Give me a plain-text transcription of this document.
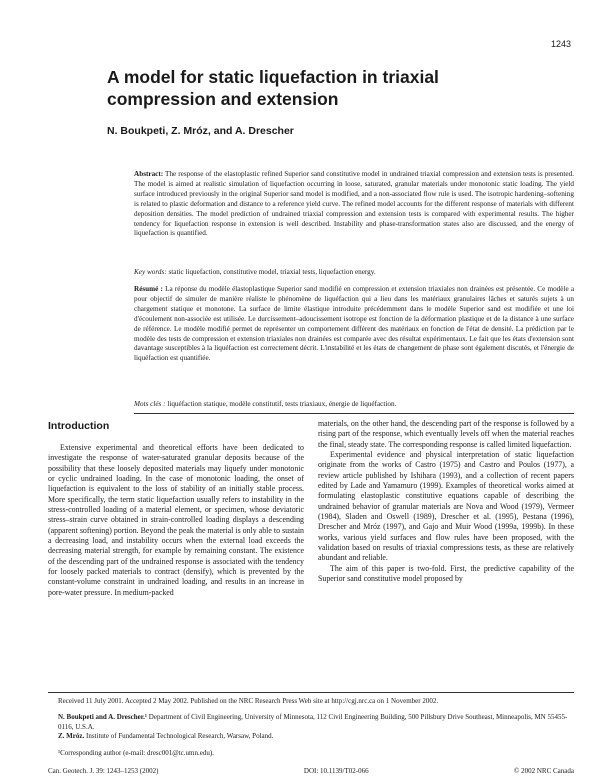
1243
A model for static liquefaction in triaxial compression and extension
N. Boukpeti, Z. Mróz, and A. Drescher

Abstract: The response of the elastoplastic refined Superior sand constitutive model in undrained triaxial compression and extension tests is presented. The model is aimed at realistic simulation of liquefaction occurring in loose, saturated, granular materials under monotonic static loading. The yield surface introduced previously in the original Superior sand model is modified, and a non-associated flow rule is used. The isotropic hardening–softening is related to plastic deformation and distance to a reference yield curve. The refined model accounts for the different response of materials with different deposition densities. The model prediction of undrained triaxial compression and extension tests is compared with experimental results. The higher tendency for liquefaction response in extension is well described. Instability and phase-transformation states also are discussed, and the energy of liquefaction is quantified.

Key words: static liquefaction, constitutive model, triaxial tests, liquefaction energy.

Résumé : La réponse du modèle élastoplastique Superior sand modifié en compression et extension triaxiales non drainées est présentée. Ce modèle a pour objectif de simuler de manière réaliste le phénomène de liquéfaction qui a lieu dans les matériaux granulaires lâches et saturés sujets à un chargement statique et monotone. La surface de limite élastique introduite précédemment dans le modèle Superior sand est modifiée et une loi d'écoulement non-associée est utilisée. Le durcissement–adoucissement isotrope est fonction de la déformation plastique et de la distance à une surface de référence. Le modèle modifié permet de représenter un comportement différent des matériaux en fonction de l'état de densité. La prédiction par le modèle des tests de compression et extension triaxiales non drainées est comparée avec des résultat expérimentaux. Le fait que les états d'extension sont davantage susceptibles à la liquéfaction est correctement décrit. L'instabilité et les états de changement de phase sont également discutés, et l'énergie de liquéfaction est quantifiée.

Mots clés : liquéfaction statique, modèle constitutif, tests triaxiaux, énergie de liquéfaction.

Introduction

Extensive experimental and theoretical efforts have been dedicated to investigate the response of water-saturated granular deposits because of the possibility that these loosely deposited materials may liquefy under monotonic or cyclic undrained loading. In the case of monotonic loading, the onset of liquefaction is equivalent to the loss of stability of an initially stable process. More specifically, the term static liquefaction usually refers to instability in the stress-controlled loading of a material element, or specimen, whose deviatoric stress–strain curve obtained in strain-controlled loading displays a descending (apparent softening) portion. Beyond the peak the material is only able to sustain a decreasing load, and instability occurs when the external load exceeds the decreasing material strength, for example by remaining constant. The existence of the descending part of the undrained response is associated with the tendency for loosely packed materials to contract (densify), which is prevented by the constant-volume constraint in undrained loading, and results in an increase in pore-water pressure. In medium-packed

materials, on the other hand, the descending part of the response is followed by a rising part of the response, which eventually levels off when the material reaches the final, steady state. The corresponding response is called limited liquefaction.

Experimental evidence and physical interpretation of static liquefaction originate from the works of Castro (1975) and Castro and Poulos (1977), a review article published by Ishihara (1993), and a collection of recent papers edited by Lade and Yamamuro (1999). Examples of theoretical works aimed at formulating elastoplastic constitutive equations capable of describing the undrained behavior of granular materials are Nova and Wood (1979), Vermeer (1984), Sladen and Oswell (1989), Drescher et al. (1995), Pestana (1996), Drescher and Mróz (1997), and Gajo and Muir Wood (1999a, 1999b). In these works, various yield surfaces and flow rules have been proposed, with the validation based on results of triaxial compressions tests, as these are relatively abundant and reliable.

The aim of this paper is two-fold. First, the predictive capability of the Superior sand constitutive model proposed by

Received 11 July 2001. Accepted 2 May 2002. Published on the NRC Research Press Web site at http://cgj.nrc.ca on 1 November 2002.

N. Boukpeti and A. Drescher.¹ Department of Civil Engineering, University of Minnesota, 112 Civil Engineering Building, 500 Pillsbury Drive Southeast, Minneapolis, MN 55455-0116, U.S.A.

Z. Mróz. Institute of Fundamental Technological Research, Warsaw, Poland.

¹Corresponding author (e-mail: dresc001@tc.umn.edu).
Can. Geotech. J. 39: 1243–1253 (2002)	DOI: 10.1139/T02-066	© 2002 NRC Canada
